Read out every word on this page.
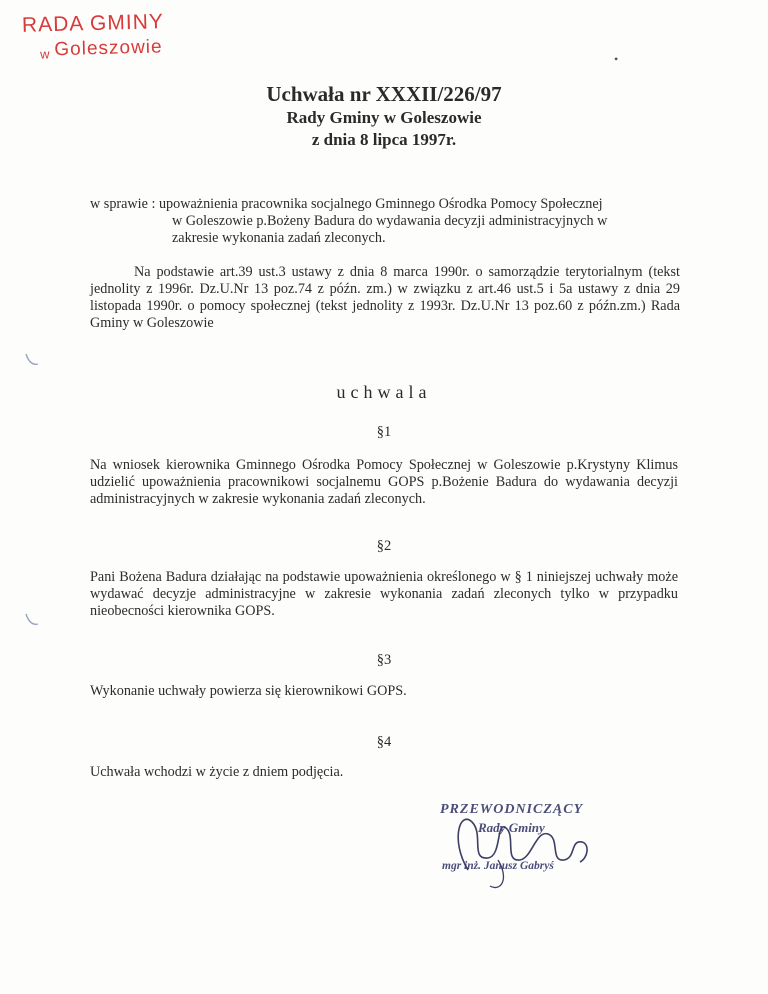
RADA GMINY
w Goleszowie	•
Uchwała nr XXXII/226/97
Rady Gminy w Goleszowie
z dnia 8 lipca 1997r.
w sprawie : upoważnienia pracownika socjalnego Gminnego Ośrodka Pomocy Społecznej
w Goleszowie p.Bożeny Badura do wydawania decyzji administracyjnych w
zakresie wykonania zadań zleconych.
Na podstawie art.39 ust.3 ustawy z dnia 8 marca 1990r. o samorządzie terytorialnym (tekst jednolity z 1996r. Dz.U.Nr 13 poz.74 z późn. zm.) w związku z art.46 ust.5 i 5a ustawy z dnia 29 listopada 1990r. o pomocy społecznej (tekst jednolity z 1993r. Dz.U.Nr 13 poz.60 z późn.zm.) Rada Gminy w Goleszowie
uchwala
§1
Na wniosek kierownika Gminnego Ośrodka Pomocy Społecznej w Goleszowie p.Krystyny Klimus udzielić upoważnienia pracownikowi socjalnemu GOPS p.Bożenie Badura do wydawania decyzji administracyjnych w zakresie wykonania zadań zleconych.
§2
Pani Bożena Badura działając na podstawie upoważnienia określonego w § 1 niniejszej uchwały może wydawać decyzje administracyjne w zakresie wykonania zadań zleconych tylko w przypadku nieobecności kierownika GOPS.
§3
Wykonanie uchwały powierza się kierownikowi GOPS.
§4
Uchwała wchodzi w życie z dniem podjęcia.
PRZEWODNICZĄCY
Rady Gminy
mgr inż. Janusz Gabryś
